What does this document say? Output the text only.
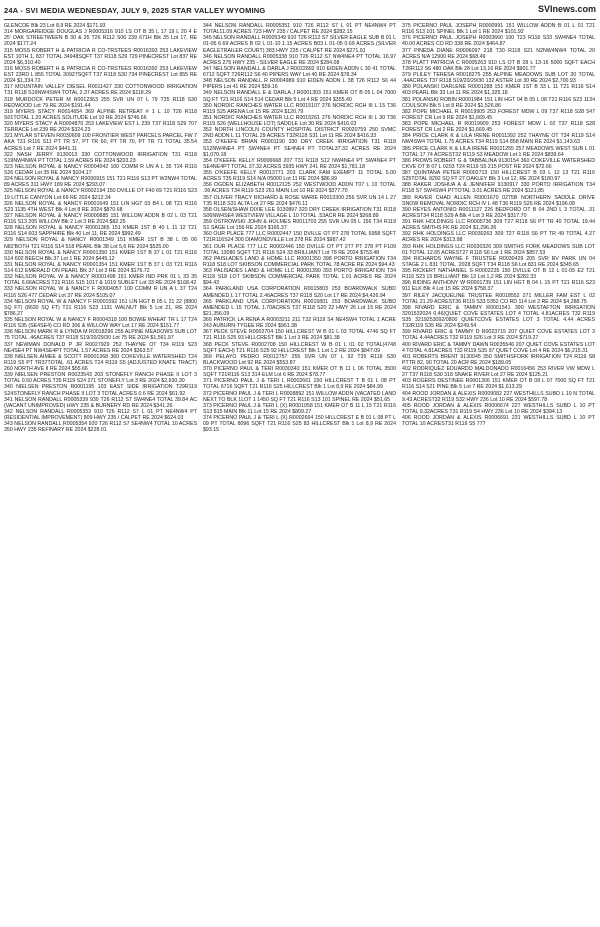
24A - SVI MEDIA WEDNESDAY, JULY 9, 2025 STAR VALLEY WYOMING	SVInews.com

GLENCOE Blk 23 Lot 8,9 RE 2024 $171.93

314 MORGAREIDGE DOUGLAS J R0005316 910 LS OT B 35 L 17 19 L 20 4 E 25' OAK STREETWEEN B 30 & 35 T26 R112 S06 239 671H Blk 35 Lot 17, RE 2024 $177.24

315 MOSS ROBERT H & PATRICIA R CO-TRSTEES R0016393 253 LAKEVIEW EST 10TH 1, 837 TOTAL 34948SQFT T37 R118 S29 729 PINECREST Lot 837 RE 2024 $6,310.40

316 MOSS ROBERT H & PATRICIA R CO-TRSTEES R0016392 253 LAKEVIEW EST 23RD L 855 TOTAL 30927SQFT T37 R118 S30 734 PINECREST Lot 855 RE 2024 $1,334.72

317 MOUNTAIN VALLEY DIESEL R0011427 330 COTTONWOOD IRRIGATION T31 R118 S19NW4SW4 TOTAL 2.37 ACRES RE 2024 $118.29

318 MURDOCK PETER M R0012363 255 SVR UN 07 L 79 T35 R118 S30 REDWOOD Lot 79 RE 2024 $191.44

319 MYERS STACY R0014654 369 ALPINE RETREAT # 1 L 10 T26 R118 S01TOTAL 1.20 ACRES SOLITUDE Lot 10 RE 2024 $746.66

320 MYERS STACY A R0004870 253 LAKEVIEW EST L 239 T37 R118 S29 707 TERRACE Lot 239 RE 2024 $324.23

321 MYLAR STEVEN R0030609 100 FRONTIER WEST PARCELS PARCEL FW 7 AKA T31 R116 S11 PT TR 57, PT TR 60, PT TR 70, PT TR 71 TOTAL 35.54 ACRES Lot 7 RE 2024 $441.11

322 NASH JERRY 9130013 330 COTTONWOOD IRRIGATION T31 R118 S19NW4NW4 PT TOTAL 1.59 ACRES RE 2024 $203.23

323 NELSON ROYAL & NANCY R0004042 100 COMM R UN A L 35 T24 R116 S26 CEDAR Lot 35 RE 2024 $104.17

324 NELSON ROYAL & NANCY R0000915 151 T21 R116 S13 PT W2NW4 TOTAL 89 ACRES 311 HWY 189 RE 2024 $293.07

325 NELSON ROYAL & NANCY R0002194 150 DVILLE OT F40 69 T21 R116 S23 19 LITTLE CANYON Lot 69 RE 2024 $212.34

326 NELSON ROYAL & NANCY R0001649 151 LIN HGT 03 B4 L 08 T21 R116 S23 1135 4TH WEST Blk 4 Lot 8 RE 2024 $870.68

327 NELSON ROYAL & NANCY R0000885 151 WILLOW ADDN B 02 L 03 T21 R116 S13 205 WILLOW Blk 2 Lot 3 RE 2024 $82.25

328 NELSON ROYAL & NANCY R0001365 151 KMER 1ST B 40 L 11 12 T21 R116 S14 603 SAPPHIRE Blk 40 Lot 11, RE 2024 $992.49

329 NELSON ROYAL & NANCY R0001349 151 KMER 1ST B 38 L 05 06 N82'BOTH T21 R116 S14 518 PEARL Blk 38 Lot 5,6 RE 2024 $525.00

330 NELSON ROYAL & NANCY R0001350 151 KMER 1ST B 37 L 01 T21 R116 S14 602 BEECH Blk 37 Lot 1 RE 2024 $445.12

331 NELSON ROYAL & NANCY R0001354 151 KMER 1ST B 37 L 03 T21 R116 S14 612 EMERALD ON PEARL Blk 37 Lot 3 RE 2024 $176.72

332 NELSON ROYAL W & NANCY R0001498 151 KMER IND PRK 01 L 33 35 TOTAL 6.66ACRES T21 R116 S15 1017 & 1019 SUBLET Lot 33 RE 2024 $168.42

333 NELSON ROYAL W & NANCY F R0004057 100 COMM R UN A L 37 T24 R116 S26 477 CEDAR Lot 37 RE 2024 $105.07

334 NELSON ROYAL W & NANCY F R0001592 151 LIN HGT B 05 L 21 22 (8800 SQ FT) (8630 SQ FT) T21 R116 S23 1131 WALNUT Blk 5 Lot 21, RE 2024 $786.27

335 NELSON ROYAL W & NANCY F R0004318 100 BOWIE WHEAT TR L 17 T24 R116 S35 (SE4SE4) CO RD 306 & WILLOW WAY Lot 17 RE 2024 $151.77

336 NELSON MARK R & LYNDA M R0018296 255 ALPINE MEADOWS SUB LOT 75 TOTAL .46ACRES T37 R118 S19/20/29/30 Lot 75 RE 2024 $1,561.97

337 NEWMAN DONALD P JR R0027929 252 THAYNE OT T34 R119 S23 NE4SE4 PT NW4SE4PT TOTAL 1.57 ACRES RE 2024 $363.57

338 NIELSEN AIMEE & SCOTT R0001368 360 COKEVILLE WATERSHED T24 R119 S5 PT TR37TOTAL .61 ACRES T24 R119 S5 (ADJUSTED KNATE TRACT) 260 NORTH AVE II RE 2024 $55.66

339 NIELSEN PRESTON R0023543 203 STONEFLY RANCH PHASE II LOT 3 TOTAL 0.50 ACRES T35 R119 S24 271 STONEFLY Lot 3 RE 2024 $2,630.30

340 NIELSEN PRESTON R0001195 103 EAST SIDE IRRIGATION T29R119 S24STONEFLY RANCH PHASE II LOT 3 TOTAL ACRES 0.6 RE 2024 $61.92

341 NELSON RANDALL R0005339 930 T26 R112 S7 SW4NE4 TOTAL 39.84 AC (VACANT UNIMPROVED) HWY 235 & BURNERY RD RE 2024 $341.26

342 NELSON RANDALL R0005353 910 T26 R112 S7 L 01 PT NE4NW4 PT (RESIDENTIAL IMPROVEMENT) 809 HWY 235 / CALPET RE 2024 $624.03

343 NELSON RANDALL R0005354 920 T26 R112 S7 SE4NW4 TOTAL 10 ACRES 350 HWY 235 REFINARY RE 2024 $228.01

344 NELSON RANDALL R0005351 910 T26 R112 S7 L 01 PT NE4NW4 PT TOTAL11.09 ACRES 723 HWY 235 / CALPET RE 2024 $282.15

345 NELSON RANDALL R0005349 910 T26 R112 S7 SILVER EAGLE SUB B 01 L 01-05 6.69 ACRES B 02 L 01-10 1.15 ACRES B03 L 01-05 0.69 ACRES (SILVER EAGLETRAILER COURT) 383 HWY 235 / CALPET RE 2024 $271.91

346 NELSON RANDALL R0005338 910 T26 R112 S7 NW4NE4 PT TOTAL 16.97 ACRES 275 HWY 235 - SILVER EAGLE RE 2024 $284.08

347 NELSON RANDALL & DARLA J R0022892 910 EIDEN ADDN L 30 41 TOTAL 6712 SQFT T26R112 S6 40 PIPERS WAY Lot 40 RE 2024 $78.34

348 NELSON RANDALL R R0004989 910 EIDEN ADDN L 38 T26 R112 S6 44 PIPERS Lot 41 RE 2024 $59.16

349 NELSON RANDALL E & DARLA J R0001303 151 KMER OT B 05 L 04 7000 SQ FT T21 R116 S14 514 CEDAR Blk 5 Lot 4 RE 2024 $355.40

350 NORDIC RANCHES WATER LLC R0015107 276 NORDIC RCH III L 15 T36 R119 S25 ARENA Lot 15 RE 2024 $120.79

351 NORDIC RANCHES WATER LLC R0015261 276 NORDIC RCH III L 30 T36 R119 S26 (WELLHOUSE LOT) SADDLE Lot 30 RE 2024 $416.03

352 NORTH LINCOLN COUNTY HOSPITAL DISTRICT R0020759 250 SVMC 2ND ADDN L 11 TOTAL 29 ACRES T32R118 S31 Lot 11 RE 2024 $416.33

353 O'KEEFE BRIAN R0001190 330 DRY CREEK IRRIGATION T31 R118 S12NW4NE4 PT SW4NE4 PT SE4NE4 PT TOTAL37.32 ACRES RE 2024 $1,070.18

354 O'KEEFE KELLY R0006668 207 T31 R118 S12 NW4NE4 PT SW4NE4 PT SE4NE4PT TOTAL 37.32 ACRES 3935 HWY 241 RE 2024 $1,781.18

355 O'KEEFE KELLY R0013771 203 CLARK FAM EXEMPT 11 TOTAL 5.00 ACRES T35 R119 S14 N/A 05000 Lot 11 RE 2024 $86.99

356 OGDEN ELIZABETH R0012125 252 WESTWOOD ADDN T07 L 10 TOTAL .06 ACRES T34 R119 S23 261 MAIN Lot 10 RE 2024 $377.70

357 OLIVER TRACY RICHARD & ROSE MARIE R0013300 256 SVR UN 14 L 27 T35 R118 S31 ALTA Lot 27 RE 2024 $476.11

358 OLSEN/SHAW DIXIE LEE 9130897 320 DRY CREEK IRRIGATION T31 R118 S06NW4SE4 WESTVIEW VILLAGE L 10 TOTAL .53ACR RE 2024 $268.89

359 OSTROWSKI JOHN & HOLMES R0011703 255 SVR UN 05 L 156 T34 R119 S1 SAGE Lot 156 RE 2024 $165.37

360 OUR PLACE 777 LLC R0002447 150 DVILLE OT PT 278 TOTAL 6958 SQFT T21R116S24 300 DIAMONDVILLE Lot 278 RE 2024 $987.42

361 OUR PLACE 777 LLC R0002446 150 DVILLE OT PT 277 PT 278 PT F109 TOTAL 13080 SQFT T21 R116 S24 33 BRILLIANT Lot 78 RE 2024 $753.48

362 PAISLADES LAND & HOME LLC R0001350 398 PORTO IRRIGATION T34 R118 S18 LOT SKIBSON COMMERCIAL PARK TOTAL 78 ACRE RE 2024 $94.43

363 PALISADES LAND & HOME LLC R0001390 393 PORTO IRRIGATION T34 R118 S18 LOT SKIBSON COMMERCIAL PARK TOTAL 1.01 ACRES RE 2024 $94.43

364 PARKLAND USA CORPORATION R0015803 253 BOARDWALK SUBD AMENDED L 17 TOTAL 2.46ACRES T37 R118 S20 Lot 17 RE 2024 $4,426.94

365 PARKLAND USA CORPORATION R0015801 253 BOARDWALK SUBD AMENDED L 15 TOTAL 1.70ACRES T37 R118 S20 22 HWY 26 Lot 15 RE 2024 $21,356.09

366 PATRICK LA RENA A R0003211 211 T32 R119 S4 NE4SW4 TOTAL 1 ACRE 243 AUBURN-TYGEE RE 2024 $961.38

367 PECK STEVE R0002704 150 HILLCREST W B 01 L 03 TOTAL 4746 SQ FT T21 R116 S25 93 HILLCREST Blk 1 Lot 3 RE 2024 $81.38

368 PECK STEVE R0002708 150 HILLCREST W B 01 L 01 02 TOTAL(4748 SQFT EACH) T21 R116 S25 92 HILLCREST Blk 1 Lot 1,2 RE 2024 $847.09

369 PELAYO PEDRO R0012757 255 SVR UN 07 L 92 T35 R118 S30 BLACKWOOD Lot 92 RE 2024 $553.87

370 PICERNO PAUL & TERI R0030340 151 KMER OT B 11 L 06 TOTAL 3500 SQFT T21R116 S13 314 ELM Lot 6 RE 2024 $78.77

371 PICERNO PAUL J & TERI L R0002661 150 HILLCREST T B 01 L 08 PT TOTAL 6716 SQFT T21 R116 S25 HILLCREST Blk 1 Lot 8,9 RE 2024 $84.99

372 PICERNO PAUL J & TERI L R0008892 151 WILLOW ADDN (VACATED LAND NEXT TO BLK 1LOT 1 1450 SQ FT T21 R116 S13 101 SPINEL RE 2024 $51.65

373 PICERNO PAUL J & TERI L (X) R0001058 151 KMER OT B 11 L 15 T21 R116 S13 815 MAIN Blk 11 Lot 15 RE 2024 $809.27

374 PICERNO PAUL J & TERI L (X) R0002664 150 HILLCREST E B 01 L 08 PT L 09 PT TOTAL 8096 SQFT T21 R116 S25 83 HILLCREST Blk 1 Lot 8,9 RE 2024 $93.15

375 PICERNO PAUL JOSEPH R0000991 151 WILLOW ADDN B 01 L 01 T21 R116 S13 101 SPINEL Blk 1 Lot 1 RE 2024 $101.92

376 PICERNO PAUL JOSEPH R0003660 100 T23 R116 S33 SW4NE4 TOTAL 40.00 ACRES CO RD 338 RE 2024 $464.87

377 PINEDA DIANE R0006097 218 T30 R118 S21 N2NW4NW4 TOTAL 20 ACRES N/A 12900 RE 2024 $68.49

378 PLATT PATRICIA C R0005263 910 LS OT B 28 L 13-16 5000 SQFT EACH T26R112 S6 480 OAK Blk 28 Lot 13,16 RE 2024 $901.77

379 PLILEY TERESA R0018275 255 ALPINE MEADOWS SUB LOT 30 TOTAL .44ACRES T37 R118 S19/20/29/30 132 ASTER Lot 30 RE 2024 $2,700.93

380 POLANSKI DARLENE R0001288 151 KMER 1ST B 33 L 11 T21 R116 S14 403 PEARL Blk 33 Lot 11 RE 2024 $1,325.18

381 POLANSKI ROBIN R0001984 151 LIN HGT 04 B 05 L 08 T21 R116 S23 1134 COULSON Blk 5 Lot 8 RE 2024 $1,526.86

382 POPE MICHAEL R R0019905 253 FOREST MDW L 09 T37 R118 S28 547 FOREST CR Lot 9 RE 2024 $1,669.45

383 POPE MICHAEL R R0019909 253 FOREST MDW L 02 T37 R118 S28 FOREST CR Lot 2 RE 2024 $1,669.45

384 PRICE CLARK K & LILA IRENE R0011392 252 THAYNE OT T34 R119 S14 NW4SW4 TOTAL 1.75 ACRES T34 R119 S14 858 MAIN RE 2024 $1,143.63

385 PRICE CLARK K & LILA IRENE R0021255 257 MEADOWS WEST SUB L 01 TOTAL 17.74 ACREST32 R119 S3 MEADOW Lot 1 RE 2024 $839.64

386 PROWS ROBERT G & TABBALINA 9130154 360 COKEVILLE WATERSHED CKVE OT B 07 L 0203 T24 R119 S5 215 POST RE 2024 $72.66

387 QUINTANA PETER R0002713 150 HILLCREST B 03 L 12 13 T21 R116 S25TOTAL 9292 SQ FT 27 OAKLEY Blk 3 Lot 12, RE 2024 $180.97

388 RAKER JOSHUA A & JENNIFER 9130917 330 PORTO IRRIGATION T34 R118 S7 SW4SW4 PTTOTAL 3.01 ACRES RE 2024 $121.85

389 RAVER CHAD ALLEN R0001670 0275B NORTHERN SADDLE DRIVE SNOW REMOVAL NORDIC RCH IV L 48 T36 R119 S26 RE 2024 $196.08

390 REYES ANTONIO R0011127 226 BEDFORD OT B 04 2ND L 3 TOTAL .31 ACREST34 R118 S29 A Blk 4 Lot 3 RE 2024 $317.70

391 RHK HOLDINGS LLC R0005736 309 T27 R118 S6 PT TR 40 TOTAL 19.44 ACRES SMITHS FK RE 2024 $1,296.36

392 RHK HOLDINGS LLC R0030263 309 T27 R118 S6 PT TR 49 TOTAL 4.27 ACRES RE 2024 $313.98

393 RHK HOLDINGS LLC R0030326 309 SMITHS FORK MEADOWS SUB LOT 01 TOTAL 12.65 ACREST27 R118 S6 Lot 1 RE 2024 $857.53

394 RICHARDS WAYNE F TRUSTEE R0030429 205 SVR RV PARK UN 04 STAGE 2 L 831 TOTAL .2028 SQFT T34 R118 S6 Lot 831 RE 2024 $345.65

395 RICKERT NATHANIEL S R0002235 150 DVILLE OT B 12 L 01-05 E2 T21 R116 S23 15 BRILLIANT Blk 12 Lot 1,2 RE 2024 $282.33

396 RIDING ANTHONY W R0001739 151 LIN HGT B 04 L 15 PT T21 R116 S23 911 ELK Blk 4 Lot 15 RE 2024 $758.37

397 RILEY JACQUELINE TRUSTEE R0018552 271 MILLER FAM EST L 02 TOTAL 21.29 ACREST36 R119 S33 5352 CO RD 114 Lot 2 RE 2024 $4,288.75

398 RIVARD ERIC & TAMMY R0001541 390 WESTAFTON IRRIGATION 3201532024 0.46(QUIET COVE ESTATES LOT 4 TOTAL 4.81ACRES T32 R119 S35 3219253092/0800 QUIETCOVE ESTATES LOT 3 TOTAL 4.44 ACRES T32R119 S35 RE 2024 $249.54

399 RIVARD ERIC & TAMMY D R0023715 207 QUIET COVE ESTATES LOT 3 TOTAL 4.44ACRES T32 R119 S26 Lot 3 RE 2024 $719.27

400 RIVARD ERIC & TAMMY DAWN R0035546 207 QUIET COVE ESTATES LOT 4 TOTAL 4.81ACRES T32 R119 S35 97 QUIET COVE Lot 4 RE 2024 $6,215.31

401 ROBERTS BRENT 9130045 350 SMITHSFORK IRRIGATION T24 R119 S8 PTTR 82, 90 TOTAL 20 ACR RE 2024 $189.05

402 RODRIQUEZ EDUARDO MALDONADO R0016456 253 RIVER VW MDW L 27 T37 R118 S30 318 SNAKE RIVER Lot 27 RE 2024 $125.21

403 ROGERS DESTINEE R0001306 151 KMER OT B 08 L 07 7000 SQ FT T21 R116 S14 521 PINE Blk 5 Lot 7 RE 2024 $1,613.29

404 ROOD JORDAN & ALEXIS R0009082 227 WESTHILLS SUBD L 10 N TOTAL 9.43 ACREST32 R119 S32 HWY 236 Lot 10 RE 2024 $597.78

405 ROOD JORDAN & ALEXIS R0006674 227 WESTHILLS SUBD L 10 PT TOTAL 9.32ACRES T31 R119 S4 HWY 236 Lot 10 RE 2024 $394.13

406 ROOD JORDAN & ALEXIS R0006691 231 WESTHILLS SUBD L 10 PT TOTAL 10 ACREST31 R119 S5 777
